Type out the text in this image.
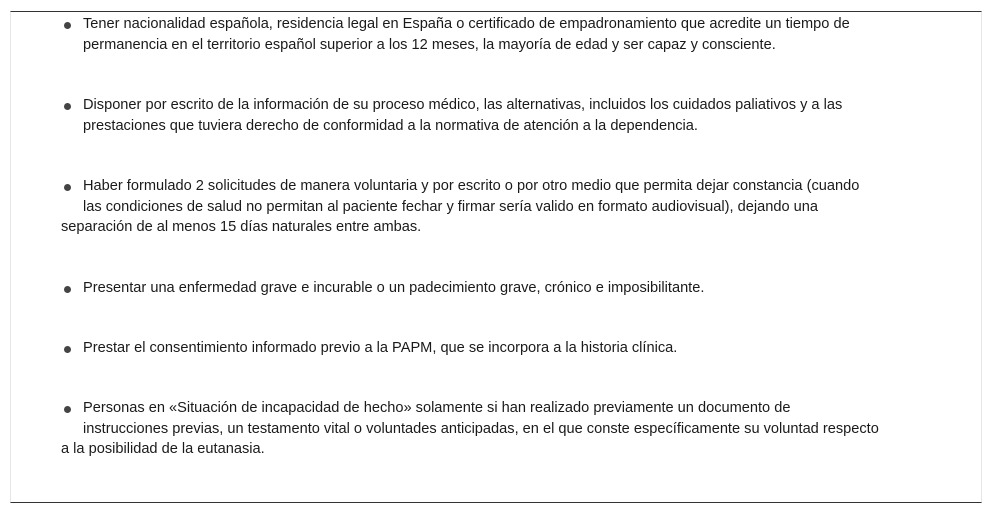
Tener nacionalidad española, residencia legal en España o certificado de empadronamiento que acredite un tiempo de
permanencia en el territorio español superior a los 12 meses, la mayoría de edad y ser capaz y consciente.
Disponer por escrito de la información de su proceso médico, las alternativas, incluidos los cuidados paliativos y a las
prestaciones que tuviera derecho de conformidad a la normativa de atención a la dependencia.
Haber formulado 2 solicitudes de manera voluntaria y por escrito o por otro medio que permita dejar constancia (cuando
las condiciones de salud no permitan al paciente fechar y firmar sería valido en formato audiovisual), dejando una
separación de al menos 15 días naturales entre ambas.
Presentar una enfermedad grave e incurable o un padecimiento grave, crónico e imposibilitante.
Prestar el consentimiento informado previo a la PAPM, que se incorpora a la historia clínica.
Personas en «Situación de incapacidad de hecho» solamente si han realizado previamente un documento de
instrucciones previas, un testamento vital o voluntades anticipadas, en el que conste específicamente su voluntad respecto
a la posibilidad de la eutanasia.
